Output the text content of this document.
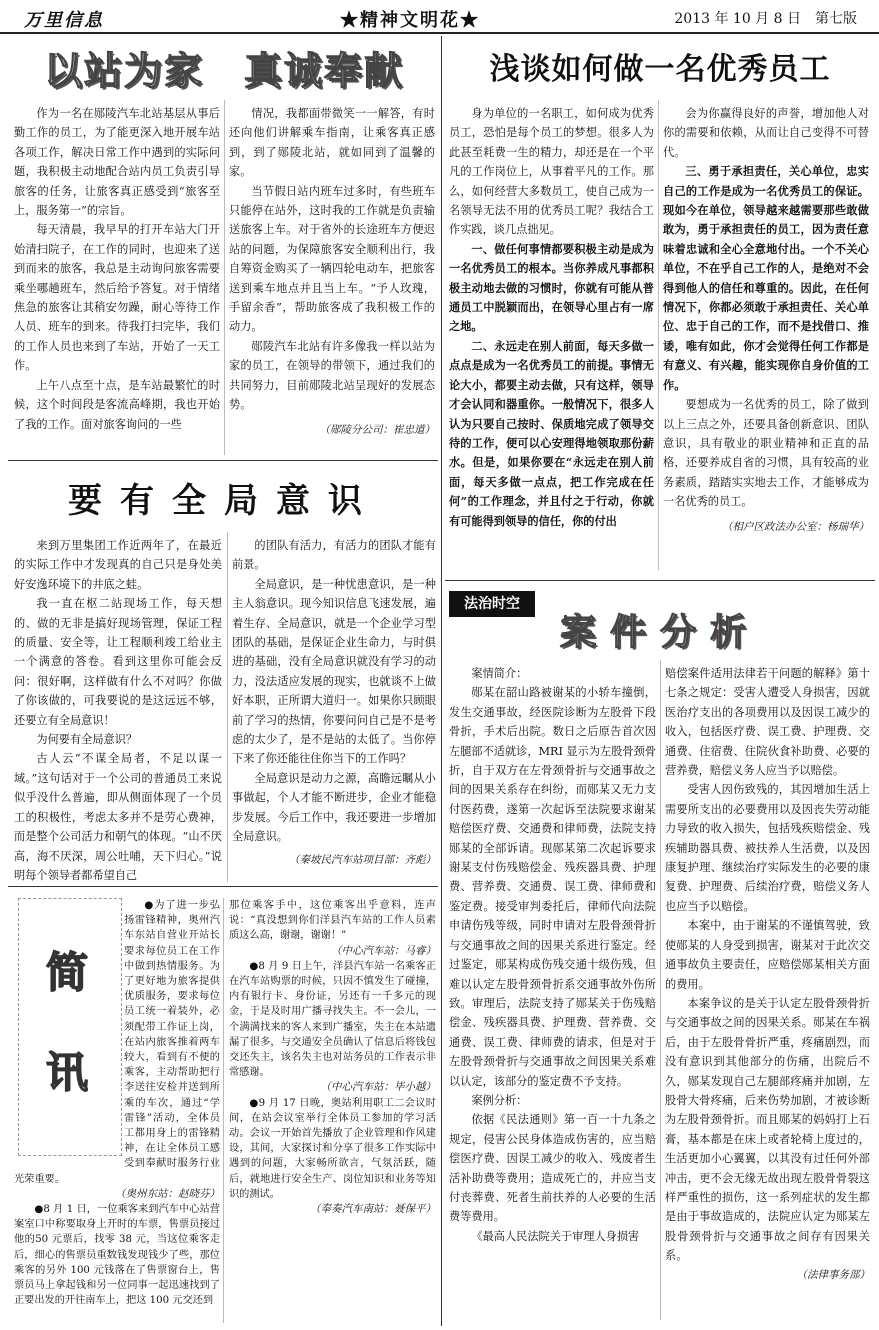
万里信息	★精神文明花★	2013 年 10 月 8 日　第七版
以站为家　真诚奉献

作为一名在郧陵汽车北站基层从事后勤工作的员工，为了能更深入地开展车站各项工作，解决日常工作中遇到的实际问题，我积极主动地配合站内员工负责引导旅客的任务，让旅客真正感受到“旅客至上，服务第一”的宗旨。

每天清晨，我早早的打开车站大门开始清扫院子，在工作的同时，也迎来了送到而来的旅客，我总是主动询问旅客需要乘坐哪趟班车，然后给予答复。对于情绪焦急的旅客让其稍安勿躁，耐心等待工作人员、班车的到来。待我打扫完毕，我们的工作人员也来到了车站，开始了一天工作。

上午八点至十点，是车站最繁忙的时候，这个时间段是客流高峰期，我也开始了我的工作。面对旅客询问的一些

情况，我都面带微笑一一解答，有时还向他们讲解乘车指南，让乘客真正感到，到了郧陵北站，就如同到了温馨的家。

当节假日站内班车过多时，有些班车只能停在站外，这时我的工作就是负责输送旅客上车。对于省外的长途班车方便迟站的问题，为保障旅客安全顺利出行，我自筹资金购买了一辆四轮电动车，把旅客送到乘车地点并且当上车。“予人玫瑰，手留余香”，帮助旅客成了我积极工作的动力。

郧陵汽车北站有许多像我一样以站为家的员工，在领导的带领下，通过我们的共同努力，目前郧陵北站呈现好的发展态势。

（郧陵分公司：崔忠道）
浅谈如何做一名优秀员工

身为单位的一名职工，如何成为优秀员工，恐怕是每个员工的梦想。很多人为此甚至耗费一生的精力，却还是在一个平凡的工作岗位上，从事着平凡的工作。那么，如何经营大多数员工，使自己成为一名领导无法不用的优秀员工呢？我结合工作实践，谈几点拙见。

一、做任何事情都要积极主动是成为一名优秀员工的根本。当你养成凡事都积极主动地去做的习惯时，你就有可能从普通员工中脱颖而出，在领导心里占有一席之地。

二、永远走在别人前面，每天多做一点点是成为一名优秀员工的前提。事情无论大小，都要主动去做，只有这样，领导才会认同和器重你。一般情况下，很多人认为只要自己按时、保质地完成了领导交待的工作，便可以心安理得地领取那份薪水。但是，如果你要在“永远走在别人前面，每天多做一点点，把工作完成在任何”的工作理念，并且付之于行动，你就有可能得到领导的信任，你的付出

会为你赢得良好的声誉，增加他人对你的需要和依赖，从而让自己变得不可替代。

三、勇于承担责任，关心单位，忠实自己的工作是成为一名优秀员工的保证。现如今在单位，领导越来越需要那些敢做敢为，勇于承担责任的员工，因为责任意味着忠诚和全心全意地付出。一个不关心单位，不在乎自己工作的人，是绝对不会得到他人的信任和尊重的。因此，在任何情况下，你都必须敢于承担责任、关心单位、忠于自己的工作，而不是找借口、推诿，唯有如此，你才会觉得任何工作都是有意义、有兴趣，能实现你自身价值的工作。

要想成为一名优秀的员工，除了做到以上三点之外，还要具备创新意识、团队意识，具有敬业的职业精神和正直的品格，还要养成自省的习惯，具有较高的业务素质，踏踏实实地去工作，才能够成为一名优秀的员工。

（相户区政法办公室：杨瑞华）
要有全局意识

来到万里集团工作近两年了，在最近的实际工作中才发现真的自己只是身处美好安逸环境下的井底之蛙。

我一直在枢二站现场工作，每天想的、做的无非是搞好现场管理，保证工程的质量、安全等，让工程顺利竣工给业主一个满意的答卷。看到这里你可能会反问：很好啊，这样做有什么不对吗？你做了你该做的，可我要说的是这远远不够，还要立有全局意识！

为何要有全局意识？

古人云“不谋全局者，不足以谋一域。”这句话对于一个公司的普通员工来说似乎没什么普遍，即从侧面体现了一个员工的积极性，考虑太多并不是劳心费神，而是整个公司活力和朝气的体现。“山不厌高，海不厌深，周公吐哺，天下归心。”说明每个领导者都希望自己

的团队有活力，有活力的团队才能有前景。

全局意识，是一种忧患意识，是一种主人翁意识。现今知识信息飞速发展，遍着生存、全局意识，就是一个企业学习型团队的基础，是保证企业生命力，与时俱进的基础，没有全局意识就没有学习的动力，没法适应发展的现实，也就谈不上做好本职，正所谓大道归一。如果你只顾眼前了学习的热情，你要问问自己是不是考虑的太少了，是不是站的太低了。当你停下来了你还能往住你当下的工作吗？

全局意识是动力之源，高瞻远瞩从小事做起，个人才能不断进步，企业才能稳步发展。今后工作中，我还要进一步增加全局意识。

（秦坡民汽车站项目部：齐彪）
法治时空
案件分析

案情简介：

郧某在韶山路被谢某的小轿车撞倒，发生交通事故，经医院诊断为左股骨下段骨折，手术后出院。数日之后原告首次因左腿部不适就诊，MRI 显示为左股骨颈骨折，自于双方在左骨颈骨折与交通事故之间的因果关系存在纠纷，而郧某又无力支付医药费，遂第一次起诉至法院要求谢某赔偿医疗费、交通费和律师费，法院支持郧某的全部诉请。现郧某第二次起诉要求谢某支付伤残赔偿金、残疾器具费、护理费、营养费、交通费、误工费、律师费和鉴定费。接受审判委托后，律师代向法院申请伤残等级，同时申请对左股骨颈骨折与交通事故之间的因果关系进行鉴定。经过鉴定，郧某构成伤残交通十级伤残，但难以认定左股骨颈骨折系交通事故外伤所致。审理后，法院支持了郧某关于伤残赔偿金、残疾器具费、护理费、营养费、交通费、误工费、律师费的请求，但是对于左股骨颈骨折与交通事故之间因果关系难以认定，该部分的鉴定费不予支持。

案例分析：

依据《民法通则》第一百一十九条之规定，侵害公民身体造成伤害的，应当赔偿医疗费、因误工减少的收入、残废者生活补助费等费用；造成死亡的，并应当支付丧葬费、死者生前扶养的人必要的生活费等费用。

《最高人民法院关于审理人身损害

赔偿案件适用法律若干问题的解释》第十七条之规定：受害人遭受人身损害，因就医治疗支出的各项费用以及因误工减少的收入，包括医疗费、误工费、护理费、交通费、住宿费、住院伙食补助费、必要的营养费，赔偿义务人应当予以赔偿。

受害人因伤致残的，其因增加生活上需要所支出的必要费用以及因丧失劳动能力导致的收入损失，包括残疾赔偿金、残疾辅助器具费、被扶养人生活费，以及因康复护理、继续治疗实际发生的必要的康复费、护理费、后续治疗费，赔偿义务人也应当予以赔偿。

本案中，由于谢某的不谨慎驾驶，致使郧某的人身受到损害，谢某对于此次交通事故负主要责任，应赔偿郧某相关方面的费用。

本案争议的是关于认定左股骨颈骨折与交通事故之间的因果关系。郧某在车祸后，由于左股骨骨折严重，疼痛剧烈，而没有意识到其他部分的伤痛，出院后不久，郧某发现自己左腿部疼痛并加剧，左股骨大骨疼痛，后来伤势加剧，才被诊断为左股骨颈骨折。而且郧某的妈妈打上石膏，基本都是在床上或者轮椅上度过的，生活更加小心翼翼，以其没有过任何外部冲击，更不会无缘无故出现左股骨骨裂这样严重性的损伤，这一系列症状的发生都是由于事故造成的，法院应认定为郧某左股骨颈骨折与交通事故之间存有因果关系。

（法律事务部）
简
讯

●为了进一步弘扬雷锋精神，奥州汽车东站自营业开站长要求每位员工在工作中做到热情服务。为了更好地为旅客提供优质服务，要求每位员工统一着装外，必须配带工作证上岗，在站内旅客推着两车较大，看到有不便的乘客，主动帮助把行李送往安检并送到所乘的车次，通过“学雷锋”活动，全体员工都用身上的雷锋精神，在让全体员工感受到奉献时服务行业光荣重要。

（奥州东站：赵晓芬）

●8 月 1 日，一位乘客来到汽车中心站营案室口中称要取身上开时的车票，售票员接过他的50 元票后，找零 38 元，当这位乘客走后，细心的售票员重数钱发现钱少了些，那位乘客的另外 100 元钱落在了售票窗台上，售票员马上拿起钱和另一位同事一起迅速找到了正要出发的开往南车上，把这 100 元交还到

那位乘客手中，这位乘客出乎意料，连声说：“真没想到你们洋县汽车站的工作人员素质这么高，谢谢，谢谢！”

（中心汽车站：马睿）

●8 月 9 日上午，洋县汽车站一名乘客正在汽车站购票的时候，只因不慎发生了碰撞，内有银行卡、身份证，另还有一千多元的现金，于是及时用广播寻找失主。不一会儿，一个满满找来的客人来到广播室，失主在本站遗漏了很多，与交通安全员确认了信息后将钱包交还失主，该名失主也对站务员的工作表示非常感谢。

（中心汽车站：毕小越）

●9 月 17 日晚，奥站利用职工二会议时间，在站会议室举行全体员工参加的学习活动。会议一开始首先播放了企业管理和作风建设，其间，大家探讨和分享了很多工作实际中遇到的问题，大家畅所欲言，气氛活跃，随后，就地进行安全生产、岗位知识和业务等知识的测试。

（奉奏汽车南站：聂保平）
